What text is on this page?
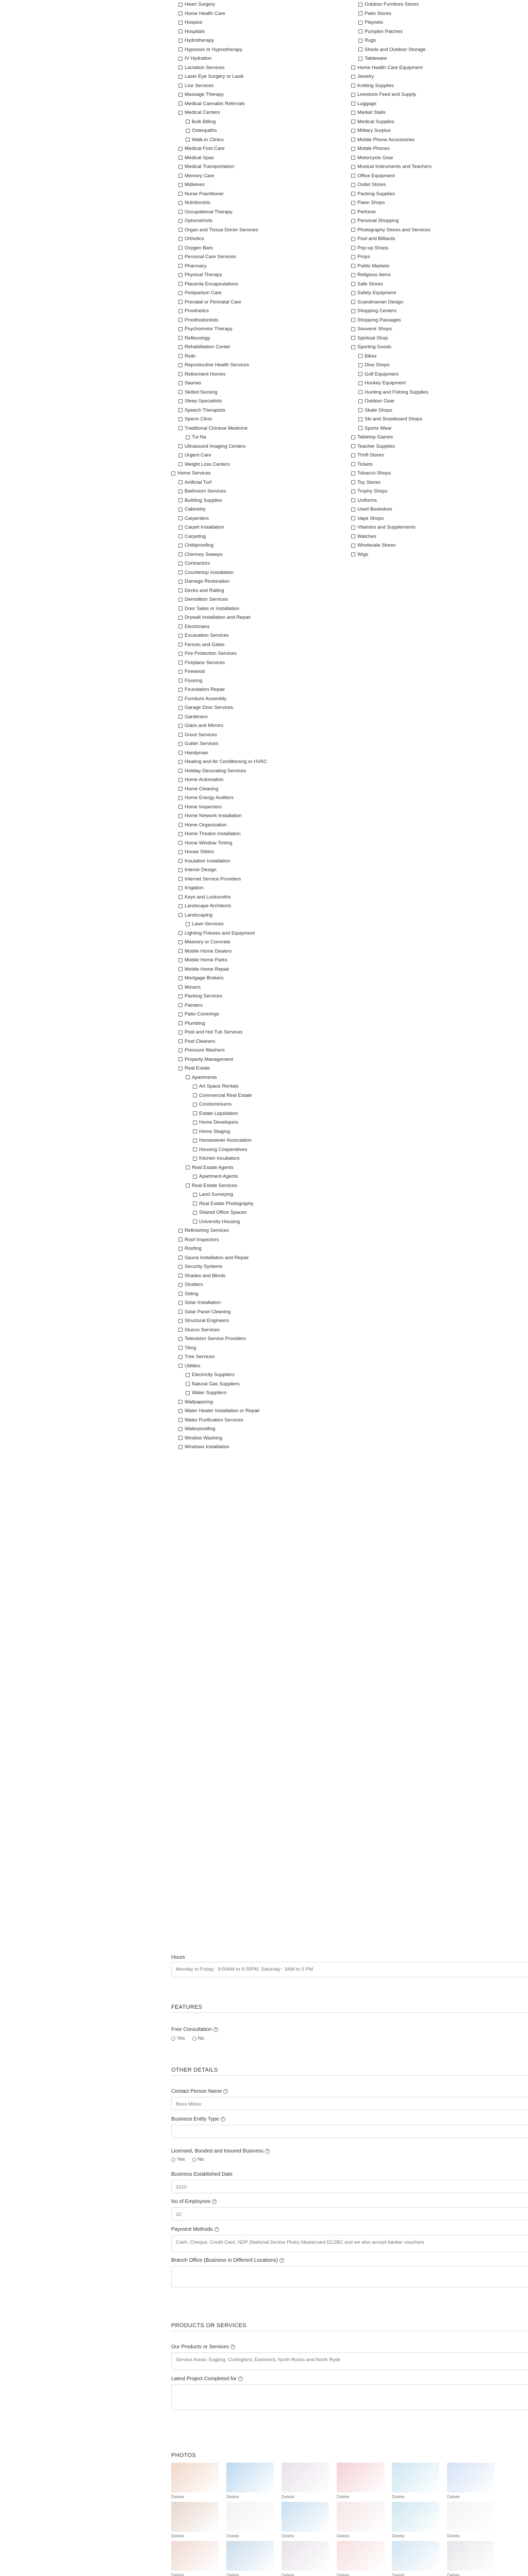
Heart Surgery
Home Health Care
Hospice
Hospitals
Hydrotherapy
Hypnosis or Hypnotherapy
IV Hydration
Lactation Services
Laser Eye Surgery or Lasik
Lice Services
Massage Therapy
Medical Cannabis Referrals
Medical Centers
Bulk Billing
Osteopaths
Walk-in Clinics
Medical Foot Care
Medical Spas
Medical Transportation
Memory Care
Midwives
Nurse Practitioner
Nutritionists
Occupational Therapy
Optometrists
Organ and Tissue Donor Services
Orthotics
Oxygen Bars
Personal Care Services
Pharmacy
Physical Therapy
Placenta Encapsulations
Postpartum Care
Prenatal or Perinatal Care
Prosthetics
Prosthodontists
Psychomotor Therapy
Reflexology
Rehabilitation Center
Reiki
Reproductive Health Services
Retirement Homes
Saunas
Skilled Nursing
Sleep Specialists
Speech Therapists
Sperm Clinic
Traditional Chinese Medicine
Tui Na
Ultrasound Imaging Centers
Urgent Care
Weight Loss Centers
Home Services
Artificial Turf
Bathroom Services
Building Supplies
Cabinetry
Carpenters
Carpet Installation
Carpeting
Childproofing
Chimney Sweeps
Contractors
Countertop Installation
Damage Restoration
Decks and Railing
Demolition Services
Door Sales or Installation
Drywall Installation and Repair
Electricians
Excavation Services
Fences and Gates
Fire Protection Services
Fireplace Services
Firewood
Flooring
Foundation Repair
Furniture Assembly
Garage Door Services
Gardeners
Glass and Mirrors
Grout Services
Gutter Services
Handyman
Heating and Air Conditioning or HVAC
Holiday Decorating Services
Home Automation
Home Cleaning
Home Energy Auditors
Home Inspectors
Home Network Installation
Home Organization
Home Theatre Installation
Home Window Tinting
House Sitters
Insulation Installation
Interior Design
Internet Service Providers
Irrigation
Keys and Locksmiths
Landscape Architects
Landscaping
Lawn Services
Lighting Fixtures and Equipment
Masonry or Concrete
Mobile Home Dealers
Mobile Home Parks
Mobile Home Repair
Mortgage Brokers
Movers
Packing Services
Painters
Patio Coverings
Plumbing
Pool and Hot Tub Services
Pool Cleaners
Pressure Washers
Property Management
Real Estate
Apartments
Art Space Rentals
Commercial Real Estate
Condominiums
Estate Liquidation
Home Developers
Home Staging
Homeowner Association
Housing Cooperatives
Kitchen Incubators
Real Estate Agents
Apartment Agents
Real Estate Services
Land Surveying
Real Estate Photography
Shared Office Spaces
University Housing
Refinishing Services
Roof Inspectors
Roofing
Sauna Installation and Repair
Security Systems
Shades and Blinds
Shutters
Siding
Solar Installation
Solar Panel Cleaning
Structural Engineers
Stucco Services
Television Service Providers
Tiling
Tree Services
Utilities
Electricity Suppliers
Natural Gas Suppliers
Water Suppliers
Wallpapering
Water Heater Installation or Repair
Water Purification Services
Waterproofing
Window Washing
Windows Installation
Outdoor Furniture Stores
Patio Stores
Playsets
Pumpkin Patches
Rugs
Sheds and Outdoor Storage
Tableware
Home Health Care Equipment
Jewelry
Knitting Supplies
Livestock Feed and Supply
Luggage
Market Stalls
Medical Supplies
Military Surplus
Mobile Phone Accessories
Mobile Phones
Motorcycle Gear
Musical Instruments and Teachers
Office Equipment
Outlet Stores
Packing Supplies
Pawn Shops
Perfume
Personal Shopping
Photography Stores and Services
Pool and Billiards
Pop-up Shops
Props
Public Markets
Religious Items
Safe Stores
Safety Equipment
Scandinavian Design
Shopping Centers
Shopping Passages
Souvenir Shops
Spiritual Shop
Sporting Goods
Bikes
Dive Shops
Golf Equipment
Hockey Equipment
Hunting and Fishing Supplies
Outdoor Gear
Skate Shops
Ski and Snowboard Shops
Sports Wear
Tabletop Games
Teacher Supplies
Thrift Stores
Tickets
Tobacco Shops
Toy Stores
Trophy Shops
Uniforms
Used Bookstore
Vape Shops
Vitamins and Supplements
Watches
Wholesale Stores
Wigs
Hours
Monday to Friday : 9:00AM to 6:00PM, Saturday : 9AM to 5 PM
FEATURES
Free Consultation ?
Yes	No
OTHER DETAILS
Contact Person Name ?
Ross Milner
Business Entity Type ?
Licensed, Bonded and Insured Business ?
Yes	No
Business Established Date
2010
No of Employees ?
10
Payment Methods ?
Cash, Cheque, Credit Card, NDP (National Denise Pluto) Mastercard EC2BC and we also accept banker vouchers
Branch Office (Business in Different Locations) ?
PRODUCTS OR SERVICES
Our Products or Services ?
Service Areas: Eagling, Curlingford, Eastmont, North Rocks and North Ryde
Latest Project Completed for ?
PHOTOS
Delete	Delete	Delete	Delete	Delete	Delete
Delete	Delete	Delete	Delete	Delete	Delete
Delete	Delete	Delete	Delete	Delete	Delete
